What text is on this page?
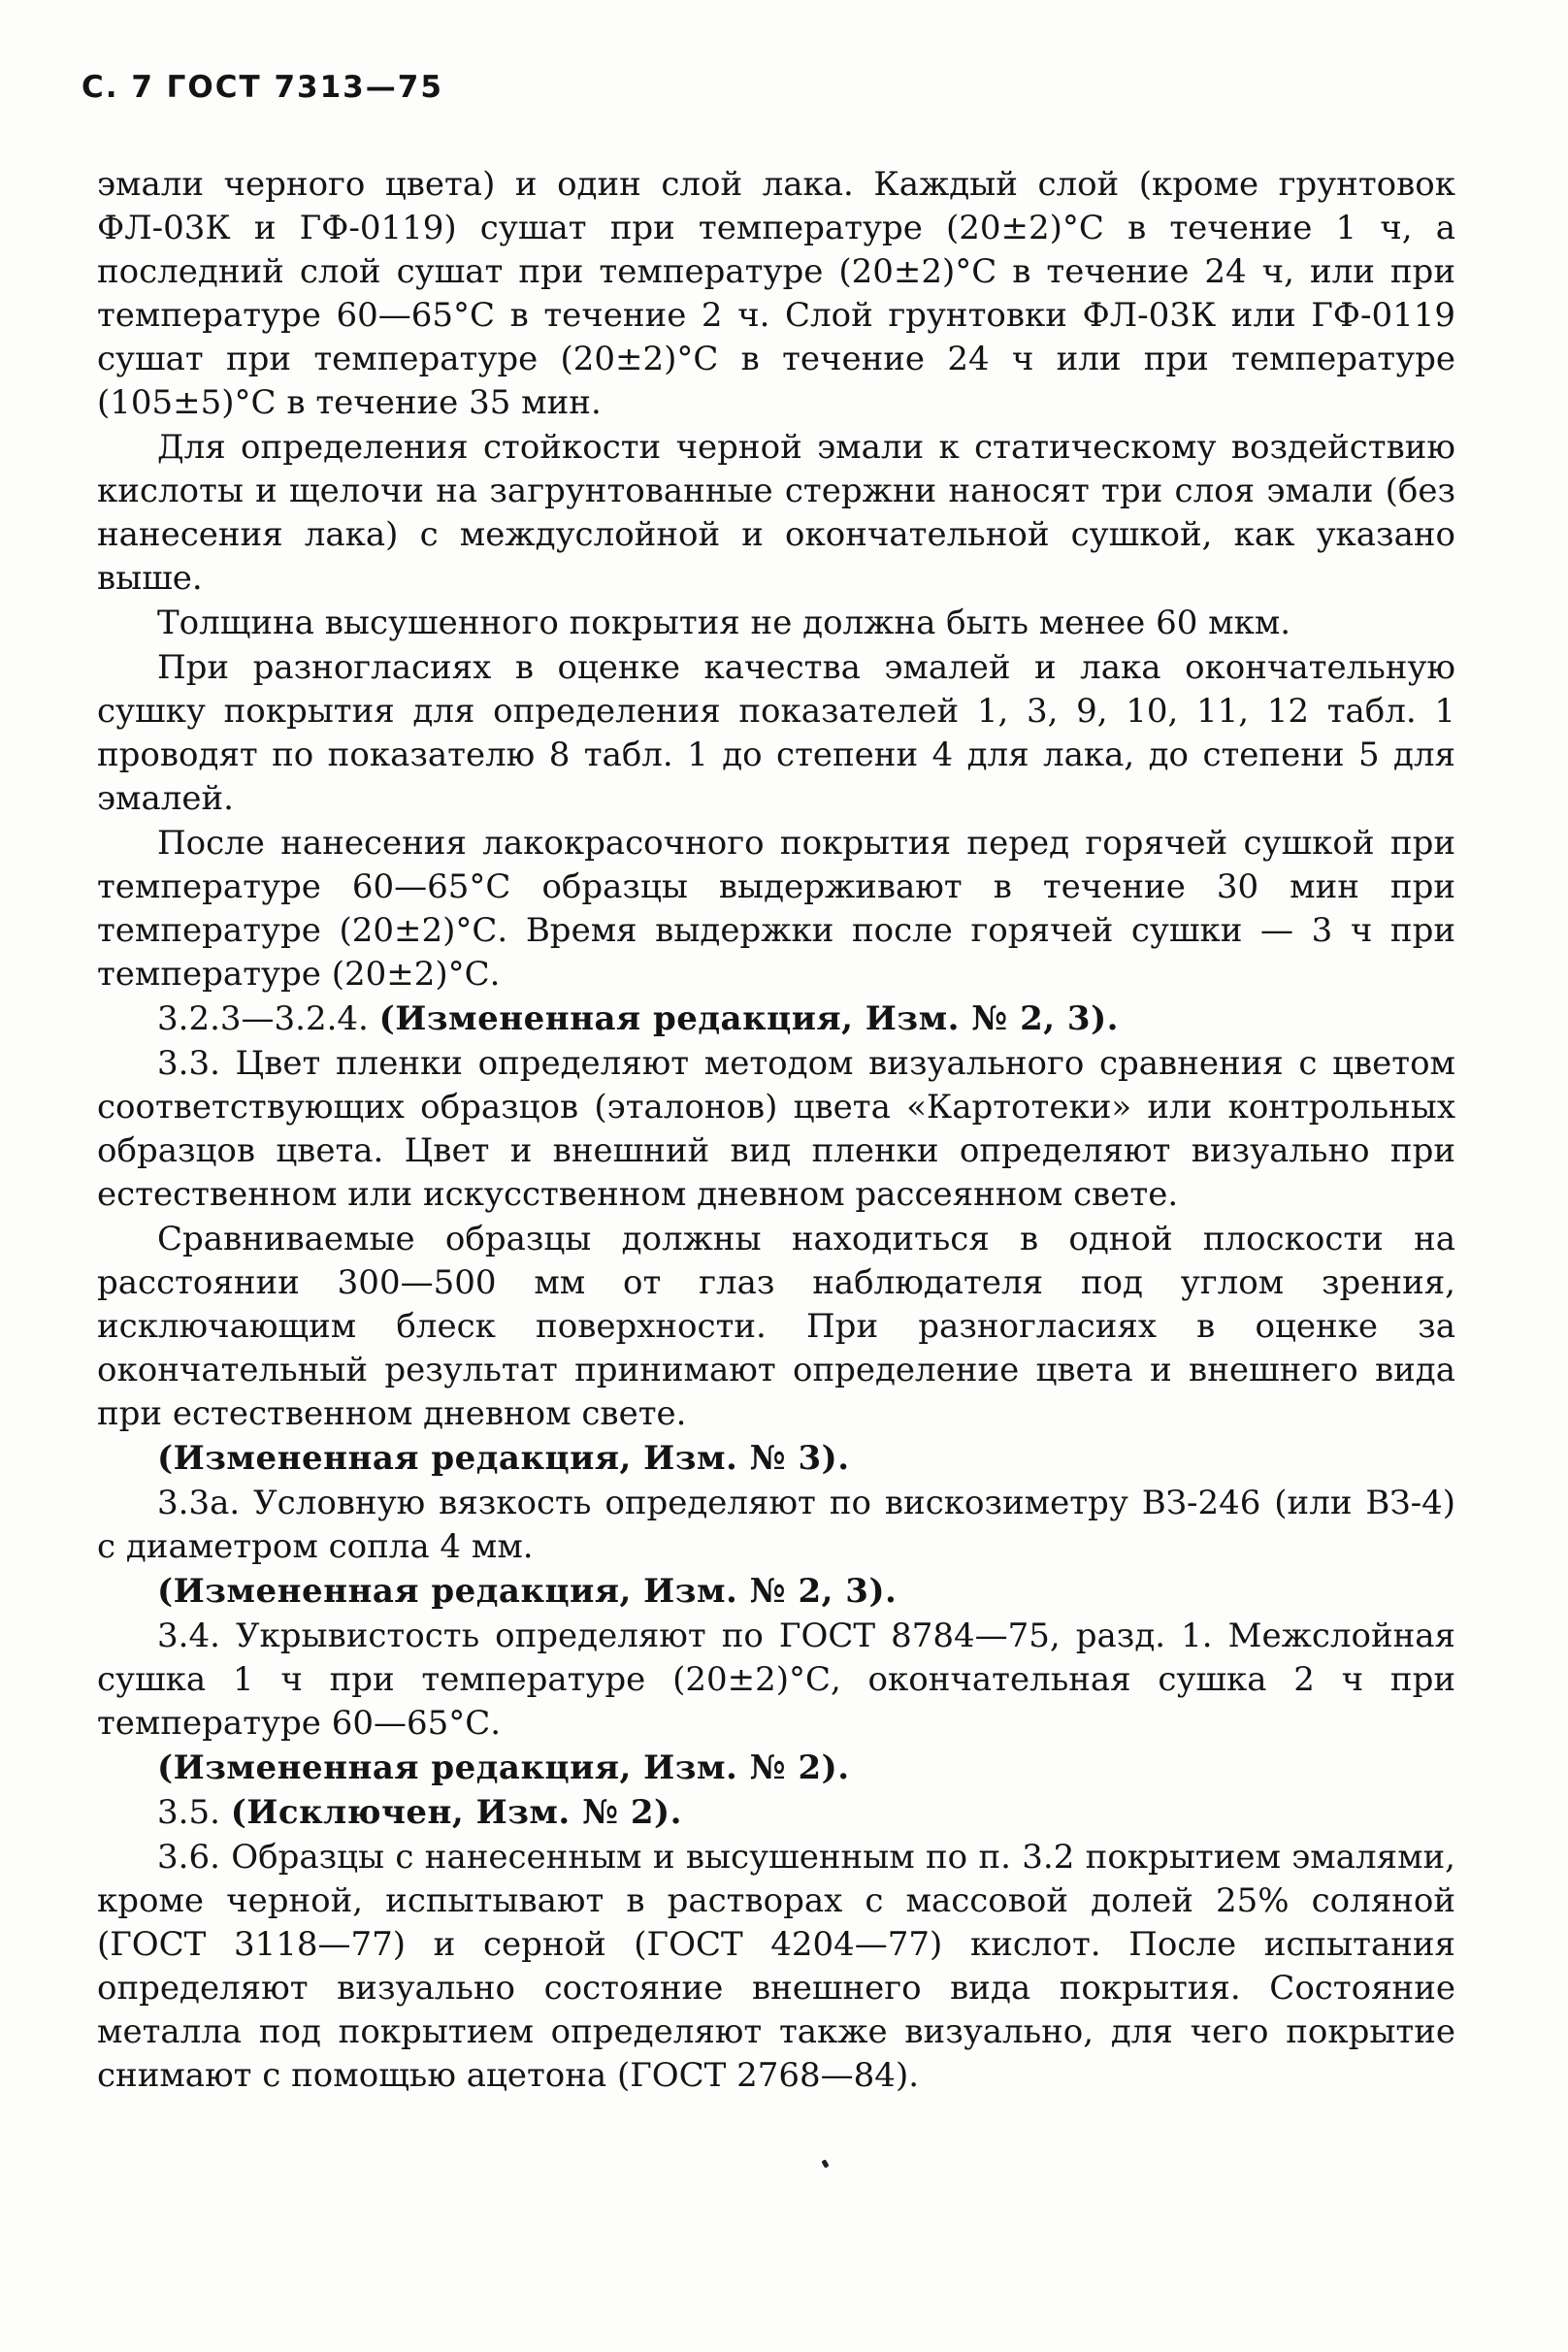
С. 7 ГОСТ 7313—75

эмали черного цвета) и один слой лака. Каждый слой (кроме грунтовок ФЛ-03К и ГФ-0119) сушат при температуре (20±2)°С в течение 1 ч, а последний слой сушат при температуре (20±2)°С в течение 24 ч, или при температуре 60—65°С в течение 2 ч. Слой грунтовки ФЛ-03К или ГФ-0119 сушат при температуре (20±2)°С в течение 24 ч или при температуре (105±5)°С в течение 35 мин.

Для определения стойкости черной эмали к статическому воздействию кислоты и щелочи на загрунтованные стержни наносят три слоя эмали (без нанесения лака) с междуслойной и окончательной сушкой, как указано выше.

Толщина высушенного покрытия не должна быть менее 60 мкм.

При разногласиях в оценке качества эмалей и лака окончательную сушку покрытия для определения показателей 1, 3, 9, 10, 11, 12 табл. 1 проводят по показателю 8 табл. 1 до степени 4 для лака, до степени 5 для эмалей.

После нанесения лакокрасочного покрытия перед горячей сушкой при температуре 60—65°С образцы выдерживают в течение 30 мин при температуре (20±2)°С. Время выдержки после горячей сушки — 3 ч при температуре (20±2)°С.

3.2.3—3.2.4. (Измененная редакция, Изм. № 2, 3).

3.3. Цвет пленки определяют методом визуального сравнения с цветом соответствующих образцов (эталонов) цвета «Картотеки» или контрольных образцов цвета. Цвет и внешний вид пленки определяют визуально при естественном или искусственном дневном рассеянном свете.

Сравниваемые образцы должны находиться в одной плоскости на расстоянии 300—500 мм от глаз наблюдателя под углом зрения, исключающим блеск поверхности. При разногласиях в оценке за окончательный результат принимают определение цвета и внешнего вида при естественном дневном свете.

(Измененная редакция, Изм. № 3).

3.3а. Условную вязкость определяют по вискозиметру ВЗ-246 (или ВЗ-4) с диаметром сопла 4 мм.

(Измененная редакция, Изм. № 2, 3).

3.4. Укрывистость определяют по ГОСТ 8784—75, разд. 1. Межслойная сушка 1 ч при температуре (20±2)°С, окончательная сушка 2 ч при температуре 60—65°С.

(Измененная редакция, Изм. № 2).

3.5. (Исключен, Изм. № 2).

3.6. Образцы с нанесенным и высушенным по п. 3.2 покрытием эмалями, кроме черной, испытывают в растворах с массовой долей 25% соляной (ГОСТ 3118—77) и серной (ГОСТ 4204—77) кислот. После испытания определяют визуально состояние внешнего вида покрытия. Состояние металла под покрытием определяют также визуально, для чего покрытие снимают с помощью ацетона (ГОСТ 2768—84).
